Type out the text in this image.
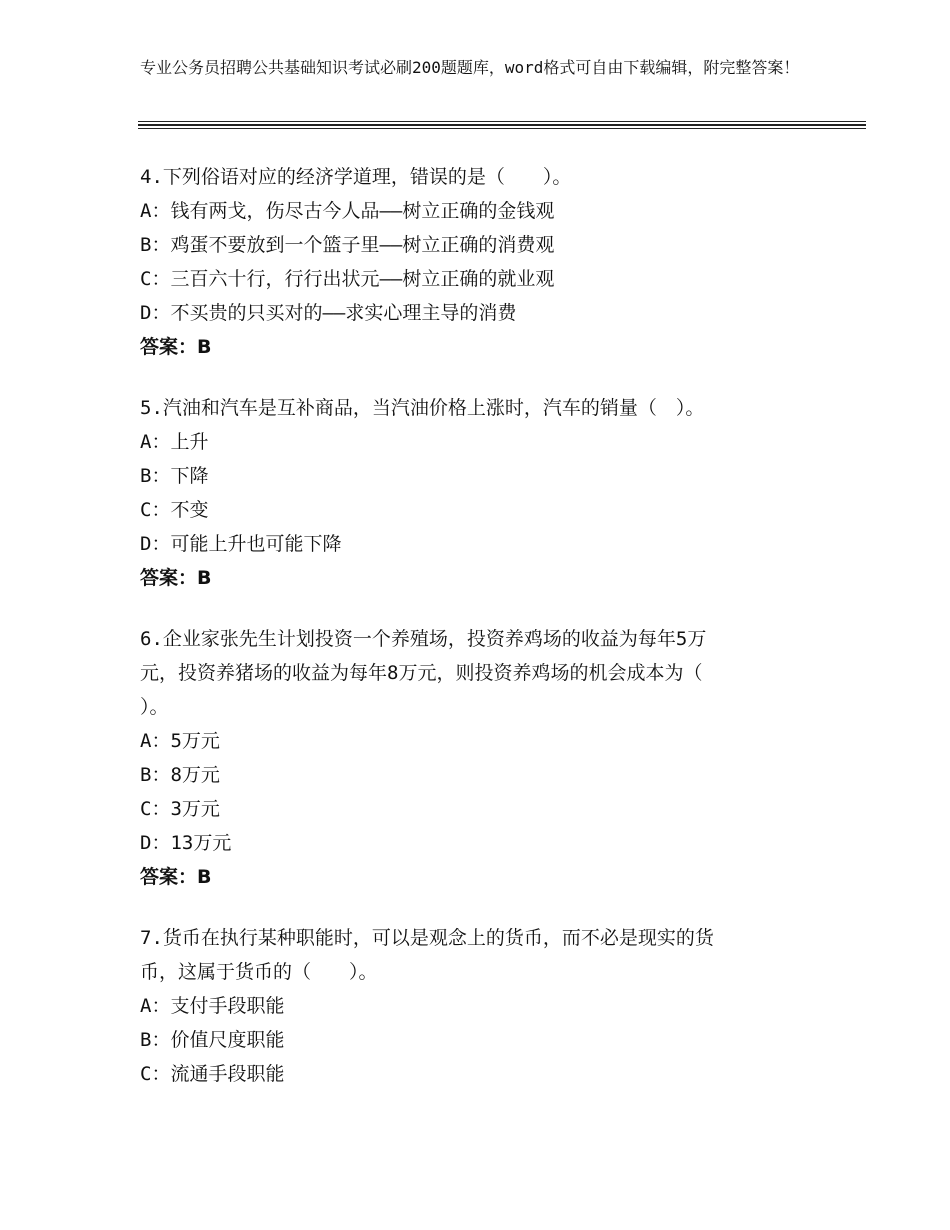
专业公务员招聘公共基础知识考试必刷200题题库，word格式可自由下载编辑，附完整答案！
4.下列俗语对应的经济学道理，错误的是（　　）。
A：钱有两戈，伤尽古今人品——树立正确的金钱观
B：鸡蛋不要放到一个篮子里——树立正确的消费观
C：三百六十行，行行出状元——树立正确的就业观
D：不买贵的只买对的——求实心理主导的消费
答案：B
5.汽油和汽车是互补商品，当汽油价格上涨时，汽车的销量（　）。
A：上升
B：下降
C：不变
D：可能上升也可能下降
答案：B
6.企业家张先生计划投资一个养殖场，投资养鸡场的收益为每年5万
元，投资养猪场的收益为每年8万元，则投资养鸡场的机会成本为（
）。
A：5万元
B：8万元
C：3万元
D：13万元
答案：B
7.货币在执行某种职能时，可以是观念上的货币，而不必是现实的货
币，这属于货币的（　　）。
A：支付手段职能
B：价值尺度职能
C：流通手段职能
